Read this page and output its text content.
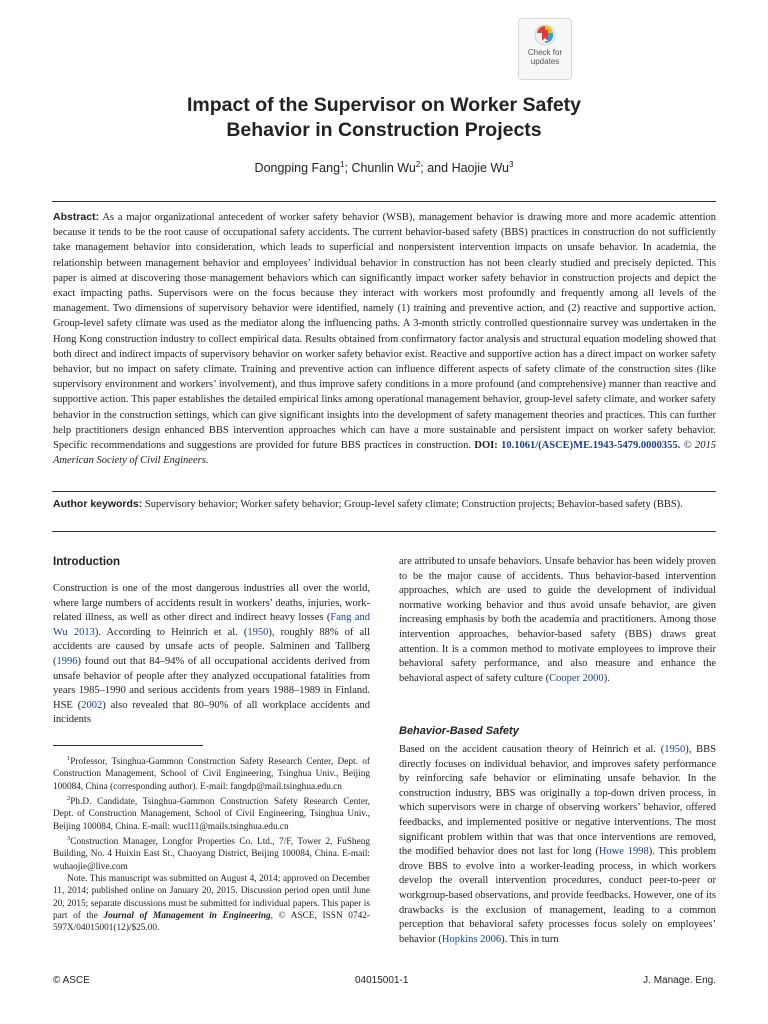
Check for
updates
Impact of the Supervisor on Worker Safety
Behavior in Construction Projects
Dongping Fang$^1$; Chunlin Wu$^2$; and Haojie Wu$^3$
Abstract: As a major organizational antecedent of worker safety behavior (WSB), management behavior is drawing more and more academic attention because it tends to be the root cause of occupational safety accidents. The current behavior-based safety (BBS) practices in construction do not sufficiently take management behavior into consideration, which leads to superficial and nonpersistent intervention impacts on unsafe behavior. In academia, the relationship between management behavior and employees’ individual behavior in construction has not been clearly studied and precisely depicted. This paper is aimed at discovering those management behaviors which can significantly impact worker safety behavior in construction projects and depict the exact impacting paths. Supervisors were on the focus because they interact with workers most profoundly and frequently among all levels of the management. Two dimensions of supervisory behavior were identified, namely (1) training and preventive action, and (2) reactive and supportive action. Group-level safety climate was used as the mediator along the influencing paths. A 3-month strictly controlled questionnaire survey was undertaken in the Hong Kong construction industry to collect empirical data. Results obtained from confirmatory factor analysis and structural equation modeling showed that both direct and indirect impacts of supervisory behavior on worker safety behavior exist. Reactive and supportive action has a direct impact on worker safety behavior, but no impact on safety climate. Training and preventive action can influence different aspects of safety climate of the construction sites (like supervisory environment and workers’ involvement), and thus improve safety conditions in a more profound (and comprehensive) manner than reactive and supportive action. This paper establishes the detailed empirical links among operational management behavior, group-level safety climate, and worker safety behavior in the construction settings, which can give significant insights into the development of safety management theories and practices. This can further help practitioners design enhanced BBS intervention approaches which can have a more sustainable and persistent impact on worker safety behavior. Specific recommendations and suggestions are provided for future BBS practices in construction. DOI: 10.1061/(ASCE)ME.1943-5479.0000355. © 2015 American Society of Civil Engineers.
Author keywords: Supervisory behavior; Worker safety behavior; Group-level safety climate; Construction projects; Behavior-based safety (BBS).
Introduction

Construction is one of the most dangerous industries all over the world, where large numbers of accidents result in workers’ deaths, injuries, work-related illness, as well as other direct and indirect heavy losses (Fang and Wu 2013). According to Heinrich et al. (1950), roughly 88% of all accidents are caused by unsafe acts of people. Salminen and Tallberg (1996) found out that 84–94% of all occupational accidents derived from unsafe behavior of people after they analyzed occupational fatalities from years 1985–1990 and serious accidents from years 1988–1989 in Finland. HSE (2002) also revealed that 80–90% of all workplace accidents and incidents

$^1$Professor, Tsinghua-Gammon Construction Safety Research Center, Dept. of Construction Management, School of Civil Engineering, Tsinghua Univ., Beijing 100084, China (corresponding author). E-mail: fangdp@mail.tsinghua.edu.cn

$^2$Ph.D. Candidate, Tsinghua-Gammon Construction Safety Research Center, Dept. of Construction Management, School of Civil Engineering, Tsinghua Univ., Beijing 100084, China. E-mail: wucl11@mails.tsinghua.edu.cn

$^3$Construction Manager, Longfor Properties Co. Ltd., 7/F, Tower 2, FuSheng Building, No. 4 Huixin East St., Chaoyang District, Beijing 100084, China. E-mail: wuhaojie@live.com

Note. This manuscript was submitted on August 4, 2014; approved on December 11, 2014; published online on January 20, 2015. Discussion period open until June 20, 2015; separate discussions must be submitted for individual papers. This paper is part of the Journal of Management in Engineering, © ASCE, ISSN 0742-597X/04015001(12)/$25.00.

are attributed to unsafe behaviors. Unsafe behavior has been widely proven to be the major cause of accidents. Thus behavior-based intervention approaches, which are used to guide the development of individual normative working behavior and thus avoid unsafe behavior, are given increasing emphasis by both the academia and practitioners. Among those intervention approaches, behavior-based safety (BBS) draws great attention. It is a common method to motivate employees to improve their behavioral safety performance, and also measure and enhance the behavioral aspect of safety culture (Cooper 2000).

Behavior-Based Safety

Based on the accident causation theory of Heinrich et al. (1950), BBS directly focuses on individual behavior, and improves safety performance by reinforcing safe behavior or eliminating unsafe behavior. In the construction industry, BBS was originally a top-down driven process, in which supervisors were in charge of observing workers’ behavior, offered feedbacks, and implemented positive or negative interventions. The most significant problem within that was that once interventions are removed, the modified behavior does not last for long (Howe 1998). This problem drove BBS to evolve into a worker-leading process, in which workers develop the overall intervention procedures, conduct peer-to-peer or workgroup-based observations, and provide feedbacks. However, one of its drawbacks is the exclusion of management, leading to a common perception that behavioral safety processes focus solely on employees’ behavior (Hopkins 2006). This in turn

© ASCE	04015001-1	J. Manage. Eng.
